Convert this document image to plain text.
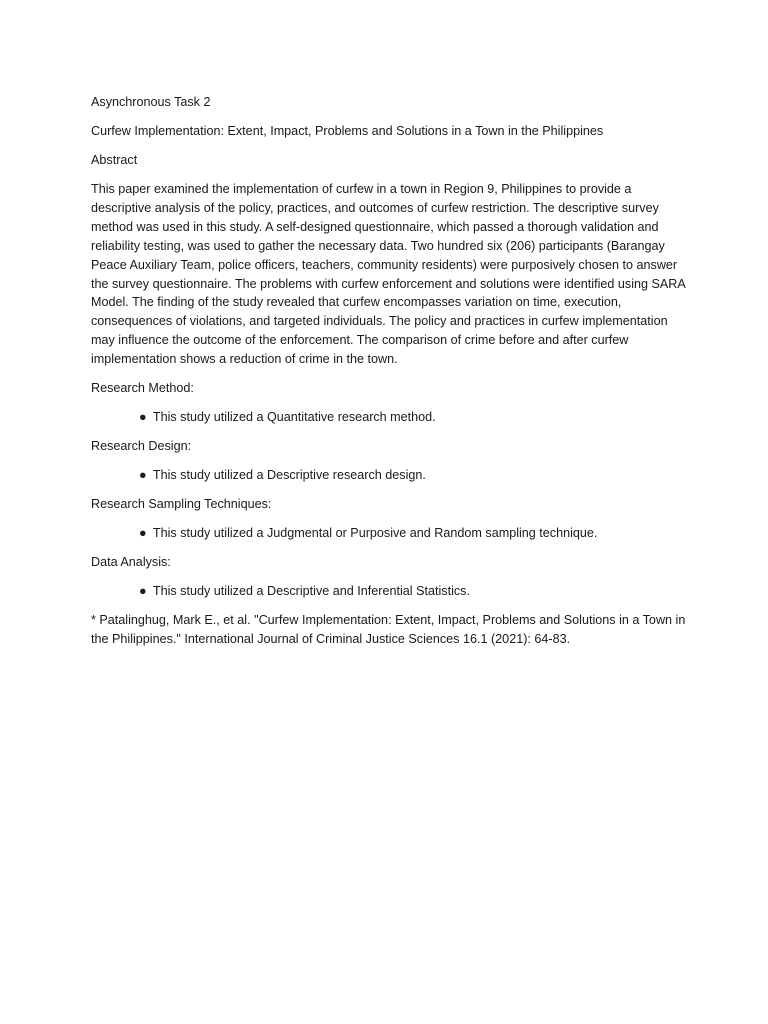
Asynchronous Task 2
Curfew Implementation: Extent, Impact, Problems and Solutions in a Town in the Philippines
Abstract
This paper examined the implementation of curfew in a town in Region 9, Philippines to provide a descriptive analysis of the policy, practices, and outcomes of curfew restriction. The descriptive survey method was used in this study. A self-designed questionnaire, which passed a thorough validation and reliability testing, was used to gather the necessary data. Two hundred six (206) participants (Barangay Peace Auxiliary Team, police officers, teachers, community residents) were purposively chosen to answer the survey questionnaire. The problems with curfew enforcement and solutions were identified using SARA Model. The finding of the study revealed that curfew encompasses variation on time, execution, consequences of violations, and targeted individuals. The policy and practices in curfew implementation may influence the outcome of the enforcement. The comparison of crime before and after curfew implementation shows a reduction of crime in the town.
Research Method:
● This study utilized a Quantitative research method.
Research Design:
● This study utilized a Descriptive research design.
Research Sampling Techniques:
● This study utilized a Judgmental or Purposive and Random sampling technique.
Data Analysis:
● This study utilized a Descriptive and Inferential Statistics.
* Patalinghug, Mark E., et al. "Curfew Implementation: Extent, Impact, Problems and Solutions in a Town in the Philippines." International Journal of Criminal Justice Sciences 16.1 (2021): 64-83.
